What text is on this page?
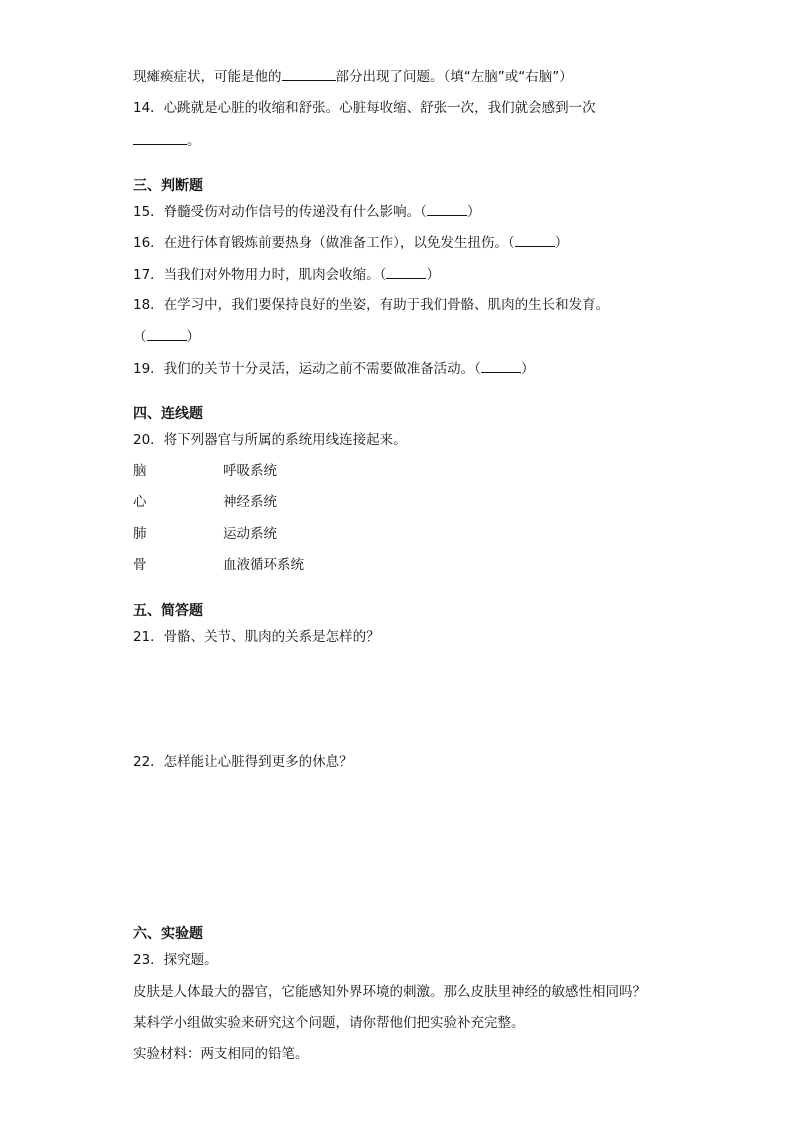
现瘫痪症状，可能是他的	部分出现了问题。（填“左脑”或“右脑”）
14．心跳就是心脏的收缩和舒张。心脏每收缩、舒张一次，我们就会感到一次
。
三、判断题
15．脊髓受伤对动作信号的传递没有什么影响。（	）
16．在进行体育锻炼前要热身（做准备工作），以免发生扭伤。（	）
17．当我们对外物用力时，肌肉会收缩。（	）
18．在学习中，我们要保持良好的坐姿，有助于我们骨骼、肌肉的生长和发育。
（	）
19．我们的关节十分灵活，运动之前不需要做准备活动。（	）
四、连线题
20．将下列器官与所属的系统用线连接起来。
脑	呼吸系统
心	神经系统
肺	运动系统
骨	血液循环系统
五、简答题
21．骨骼、关节、肌肉的关系是怎样的？
22．怎样能让心脏得到更多的休息？
六、实验题
23．探究题。
皮肤是人体最大的器官，它能感知外界环境的刺激。那么皮肤里神经的敏感性相同吗？
某科学小组做实验来研究这个问题，请你帮他们把实验补充完整。
实验材料：两支相同的铅笔。
